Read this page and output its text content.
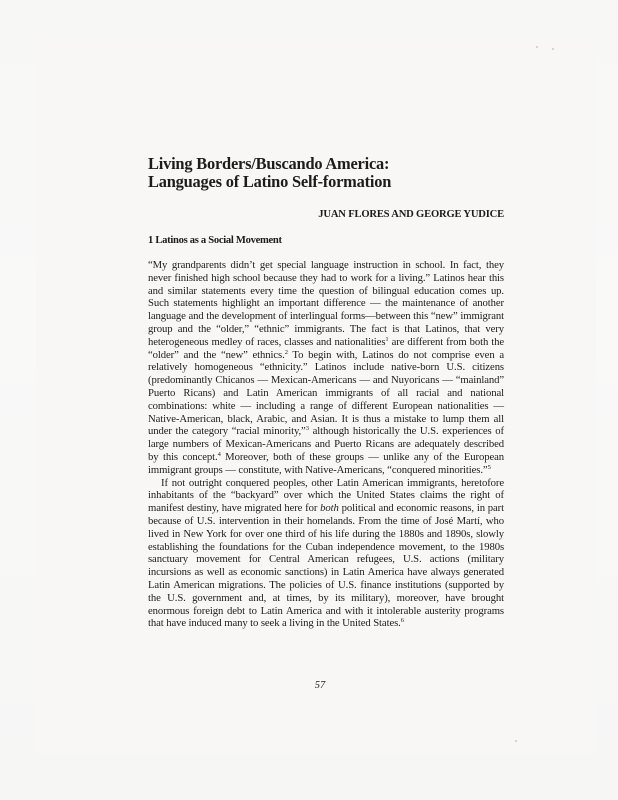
Living Borders/Buscando America:
Languages of Latino Self-formation

JUAN FLORES AND GEORGE YUDICE

1 Latinos as a Social Movement

“My grandparents didn’t get special language instruction in school. In fact, they never finished high school because they had to work for a living.” Latinos hear this and similar statements every time the question of bilingual education comes up. Such statements highlight an important difference — the maintenance of another language and the development of interlingual forms—between this “new” immigrant group and the “older,” “ethnic” immigrants. The fact is that Latinos, that very heterogeneous medley of races, classes and nationalities$^1$ are different from both the “older” and the “new” ethnics.$^2$ To begin with, Latinos do not comprise even a relatively homogeneous “ethnicity.” Latinos include native-born U.S. citizens (predominantly Chicanos — Mexican-Americans — and Nuyoricans — “mainland” Puerto Ricans) and Latin American immigrants of all racial and national combinations: white — including a range of different European nationalities — Native-American, black, Arabic, and Asian. It is thus a mistake to lump them all under the category “racial minority,”$^3$ although historically the U.S. experiences of large numbers of Mexican-Americans and Puerto Ricans are adequately described by this concept.$^4$ Moreover, both of these groups — unlike any of the European immigrant groups — constitute, with Native-Americans, “conquered minorities.”$^5$

If not outright conquered peoples, other Latin American immigrants, heretofore inhabitants of the “backyard” over which the United States claims the right of manifest destiny, have migrated here for both political and economic reasons, in part because of U.S. intervention in their homelands. From the time of José Martí, who lived in New York for over one third of his life during the 1880s and 1890s, slowly establishing the foundations for the Cuban independence movement, to the 1980s sanctuary movement for Central American refugees, U.S. actions (military incursions as well as economic sanctions) in Latin America have always generated Latin American migrations. The policies of U.S. finance institutions (supported by the U.S. government and, at times, by its military), moreover, have brought enormous foreign debt to Latin America and with it intolerable austerity programs that have induced many to seek a living in the United States.$^6$

57
